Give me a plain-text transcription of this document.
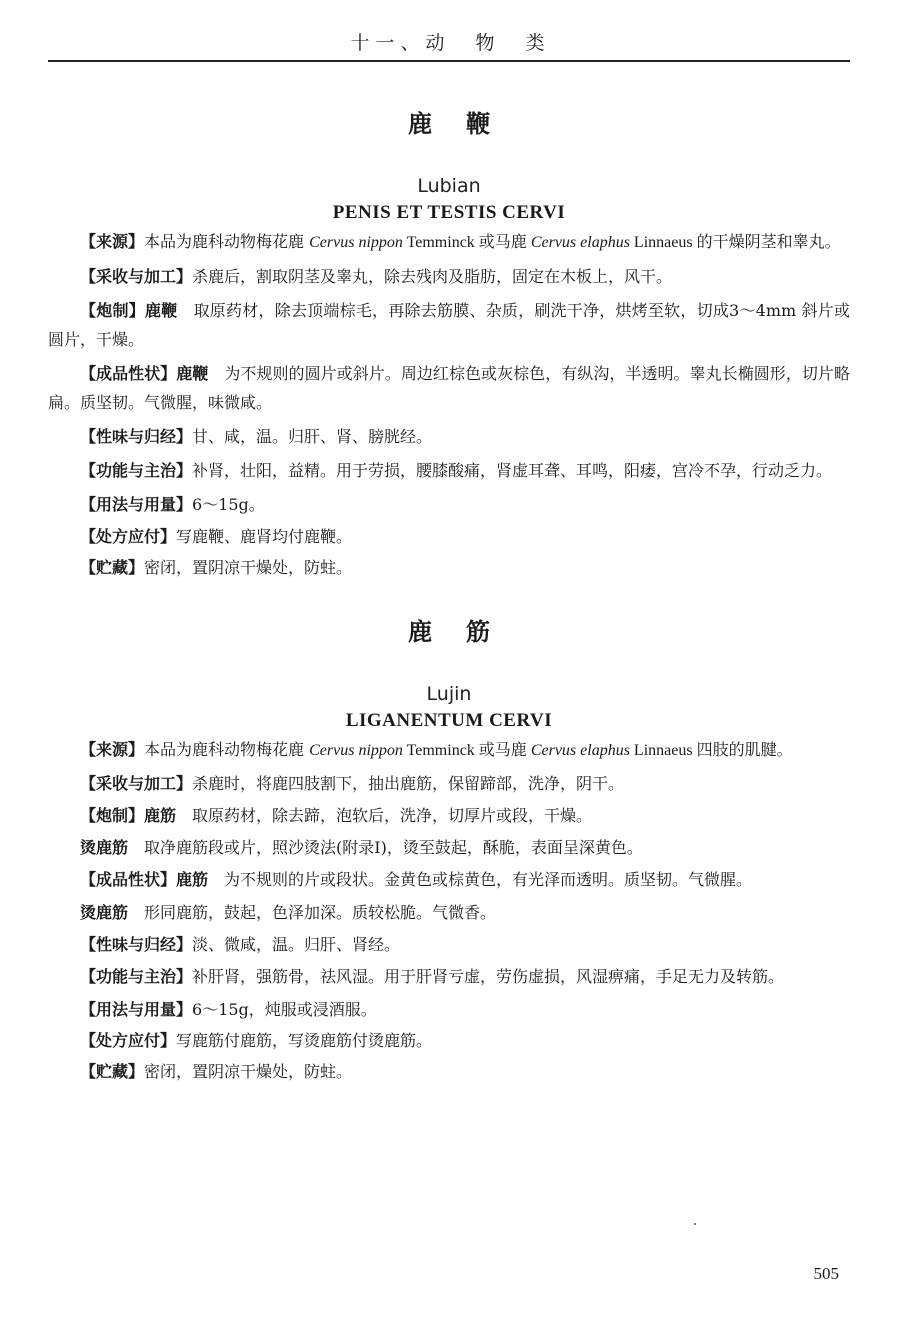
十一、动　物　类
鹿鞭

Lubian

PENIS ET TESTIS CERVI

【来源】本品为鹿科动物梅花鹿 Cervus nippon Temminck 或马鹿 Cervus elaphus Linnaeus 的干燥阴茎和睾丸。

【采收与加工】杀鹿后，割取阴茎及睾丸，除去残肉及脂肪，固定在木板上，风干。

【炮制】鹿鞭　取原药材，除去顶端棕毛，再除去筋膜、杂质，刷洗干净，烘烤至软，切成3～4mm 斜片或圆片，干燥。

【成品性状】鹿鞭　为不规则的圆片或斜片。周边红棕色或灰棕色，有纵沟，半透明。睾丸长椭圆形，切片略扁。质坚韧。气微腥，味微咸。

【性味与归经】甘、咸，温。归肝、肾、膀胱经。

【功能与主治】补肾，壮阳，益精。用于劳损，腰膝酸痛，肾虚耳聋、耳鸣，阳痿，宫冷不孕，行动乏力。

【用法与用量】6～15g。

【处方应付】写鹿鞭、鹿肾均付鹿鞭。

【贮藏】密闭，置阴凉干燥处，防蛀。

鹿筋

Lujin

LIGANENTUM CERVI

【来源】本品为鹿科动物梅花鹿 Cervus nippon Temminck 或马鹿 Cervus elaphus Linnaeus 四肢的肌腱。

【采收与加工】杀鹿时，将鹿四肢割下，抽出鹿筋，保留蹄部，洗净，阴干。

【炮制】鹿筋　取原药材，除去蹄，泡软后，洗净，切厚片或段，干燥。

烫鹿筋　取净鹿筋段或片，照沙烫法(附录Ⅰ)，烫至鼓起，酥脆，表面呈深黄色。

【成品性状】鹿筋　为不规则的片或段状。金黄色或棕黄色，有光泽而透明。质坚韧。气微腥。

烫鹿筋　形同鹿筋，鼓起，色泽加深。质较松脆。气微香。

【性味与归经】淡、微咸，温。归肝、肾经。

【功能与主治】补肝肾，强筋骨，祛风湿。用于肝肾亏虚，劳伤虚损，风湿痹痛，手足无力及转筋。

【用法与用量】6～15g，炖服或浸酒服。

【处方应付】写鹿筋付鹿筋，写烫鹿筋付烫鹿筋。

【贮藏】密闭，置阴凉干燥处，防蛀。

505
